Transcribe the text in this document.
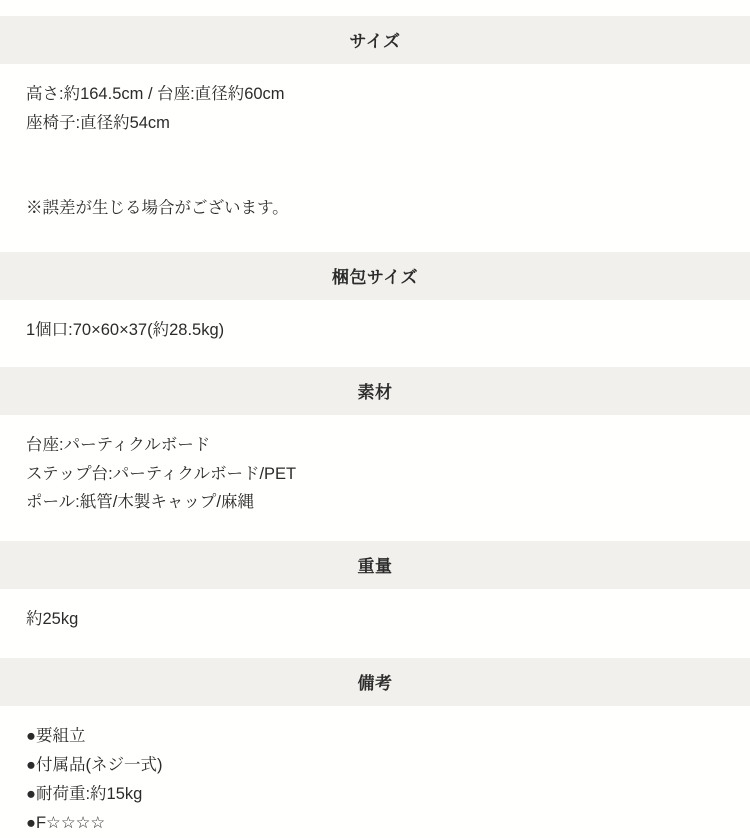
サイズ
高さ:約164.5cm / 台座:直径約60cm
座椅子:直径約54cm
※誤差が生じる場合がございます。
梱包サイズ
1個口:70×60×37(約28.5kg)
素材
台座:パーティクルボード
ステップ台:パーティクルボード/PET
ポール:紙管/木製キャップ/麻縄
重量
約25kg
備考
●要組立
●付属品(ネジ一式)
●耐荷重:約15kg
●F☆☆☆☆
